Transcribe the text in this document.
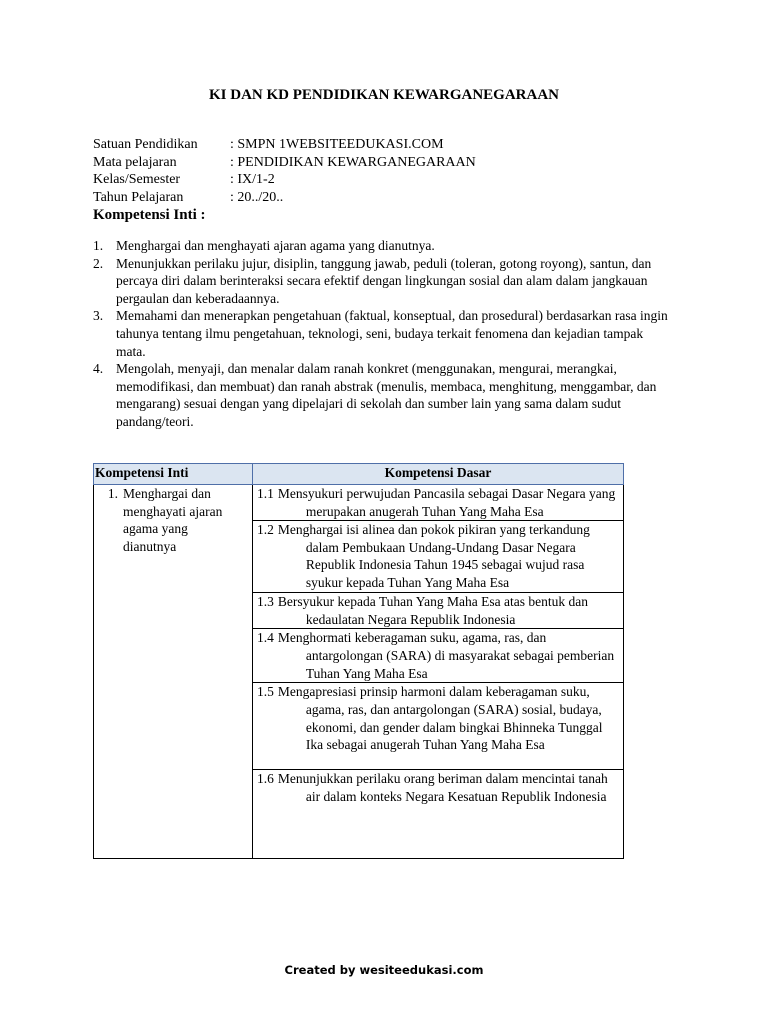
KI DAN KD PENDIDIKAN KEWARGANEGARAAN
Satuan Pendidikan	: SMPN 1WEBSITEEDUKASI.COM
Mata pelajaran	: PENDIDIKAN KEWARGANEGARAAN
Kelas/Semester	: IX/1-2
Tahun Pelajaran	: 20../20..
Kompetensi Inti :
1. Menghargai dan menghayati ajaran agama yang dianutnya.
2. Menunjukkan perilaku jujur, disiplin, tanggung jawab, peduli (toleran, gotong royong), santun, dan percaya diri dalam berinteraksi secara efektif dengan lingkungan sosial dan alam dalam jangkauan pergaulan dan keberadaannya.
3. Memahami dan menerapkan pengetahuan (faktual, konseptual, dan prosedural) berdasarkan rasa ingin tahunya tentang ilmu pengetahuan, teknologi, seni, budaya terkait fenomena dan kejadian tampak mata.
4. Mengolah, menyaji, dan menalar dalam ranah konkret (menggunakan, mengurai, merangkai, memodifikasi, dan membuat) dan ranah abstrak (menulis, membaca, menghitung, menggambar, dan mengarang) sesuai dengan yang dipelajari di sekolah dan sumber lain yang sama dalam sudut pandang/teori.
Kompetensi Inti	Kompetensi Dasar

1. Menghargai dan menghayati ajaran agama yang dianutnya	1.1 Mensyukuri perwujudan Pancasila sebagai Dasar Negara yang merupakan anugerah Tuhan Yang Maha Esa

	1.2 Menghargai isi alinea dan pokok pikiran yang terkandung dalam Pembukaan Undang-Undang Dasar Negara Republik Indonesia Tahun 1945 sebagai wujud rasa syukur kepada Tuhan Yang Maha Esa

	1.3 Bersyukur kepada Tuhan Yang Maha Esa atas bentuk dan kedaulatan Negara Republik Indonesia

	1.4 Menghormati keberagaman suku, agama, ras, dan antargolongan (SARA) di masyarakat sebagai pemberian Tuhan Yang Maha Esa

	1.5 Mengapresiasi prinsip harmoni dalam keberagaman suku, agama, ras, dan antargolongan (SARA) sosial, budaya, ekonomi, dan gender dalam bingkai Bhinneka Tunggal Ika sebagai anugerah Tuhan Yang Maha Esa

	1.6 Menunjukkan perilaku orang beriman dalam mencintai tanah air dalam konteks Negara Kesatuan Republik Indonesia
Created by wesiteedukasi.com
